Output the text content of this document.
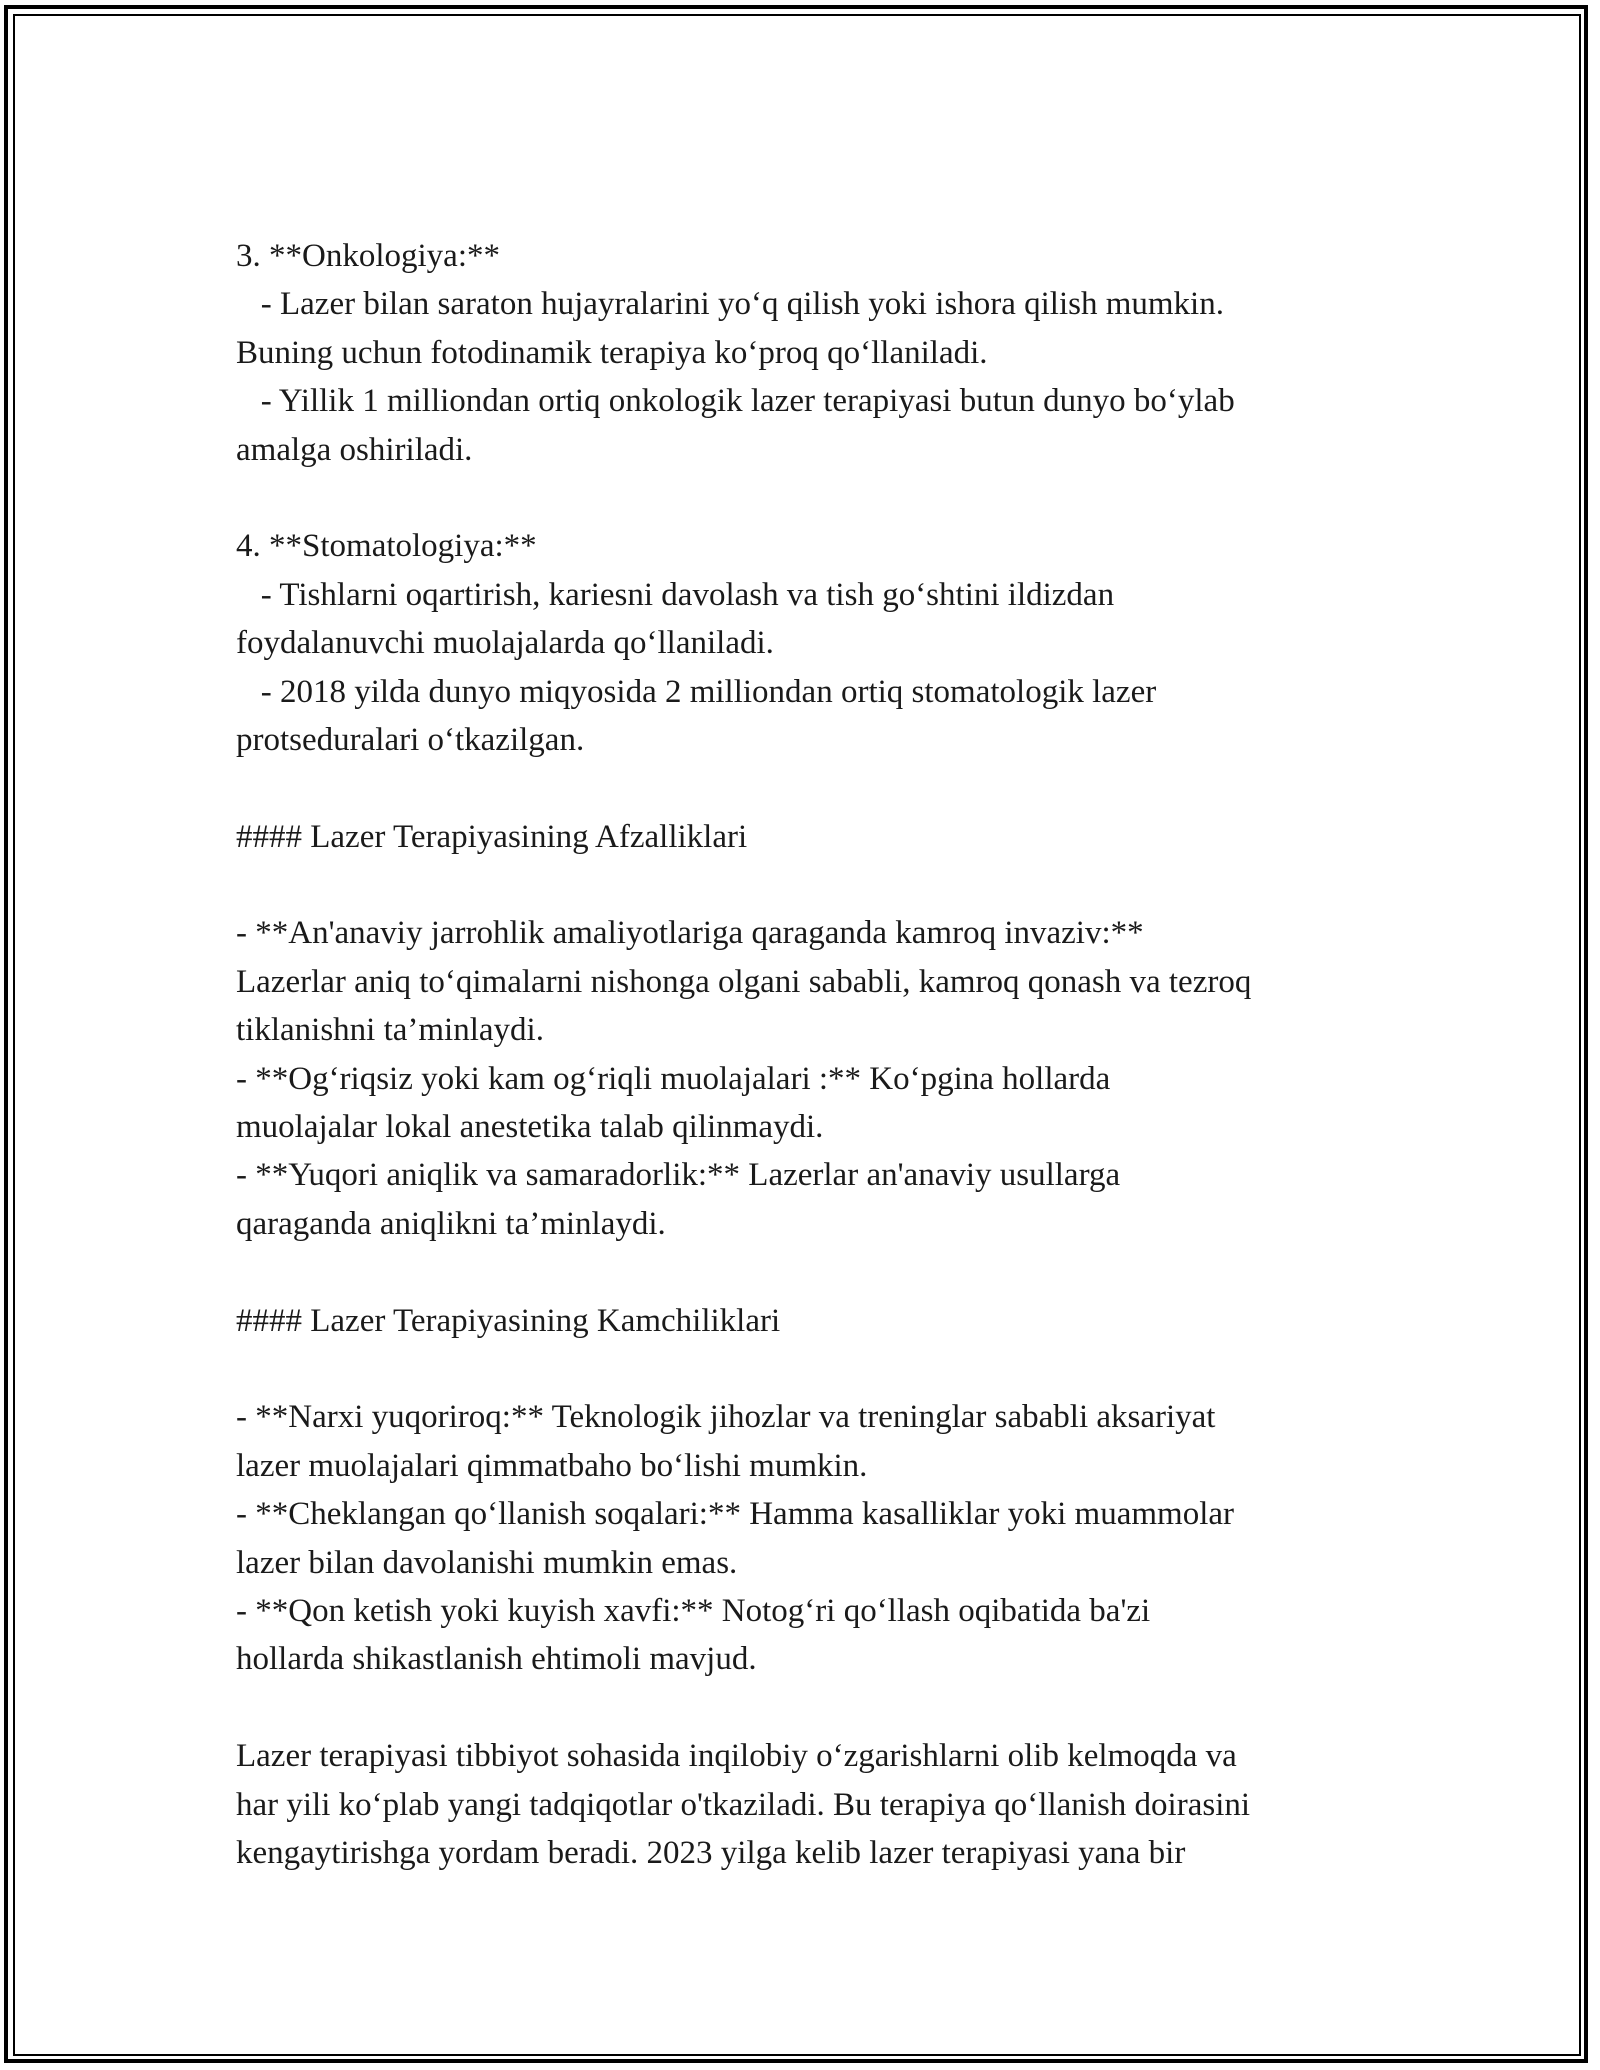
3. **Onkologiya:**
- Lazer bilan saraton hujayralarini yo‘q qilish yoki ishora qilish mumkin.
Buning uchun fotodinamik terapiya ko‘proq qo‘llaniladi.
- Yillik 1 milliondan ortiq onkologik lazer terapiyasi butun dunyo bo‘ylab
amalga oshiriladi.
4. **Stomatologiya:**
- Tishlarni oqartirish, kariesni davolash va tish go‘shtini ildizdan
foydalanuvchi muolajalarda qo‘llaniladi.
- 2018 yilda dunyo miqyosida 2 milliondan ortiq stomatologik lazer
protseduralari o‘tkazilgan.
#### Lazer Terapiyasining Afzalliklari
- **An'anaviy jarrohlik amaliyotlariga qaraganda kamroq invaziv:**
Lazerlar aniq to‘qimalarni nishonga olgani sababli, kamroq qonash va tezroq
tiklanishni ta’minlaydi.
- **Og‘riqsiz yoki kam og‘riqli muolajalari :** Ko‘pgina hollarda
muolajalar lokal anestetika talab qilinmaydi.
- **Yuqori aniqlik va samaradorlik:** Lazerlar an'anaviy usullarga
qaraganda aniqlikni ta’minlaydi.
#### Lazer Terapiyasining Kamchiliklari
- **Narxi yuqoriroq:** Teknologik jihozlar va treninglar sababli aksariyat
lazer muolajalari qimmatbaho bo‘lishi mumkin.
- **Cheklangan qo‘llanish soqalari:** Hamma kasalliklar yoki muammolar
lazer bilan davolanishi mumkin emas.
- **Qon ketish yoki kuyish xavfi:** Notog‘ri qo‘llash oqibatida ba'zi
hollarda shikastlanish ehtimoli mavjud.
Lazer terapiyasi tibbiyot sohasida inqilobiy o‘zgarishlarni olib kelmoqda va
har yili ko‘plab yangi tadqiqotlar o'tkaziladi. Bu terapiya qo‘llanish doirasini
kengaytirishga yordam beradi. 2023 yilga kelib lazer terapiyasi yana bir
